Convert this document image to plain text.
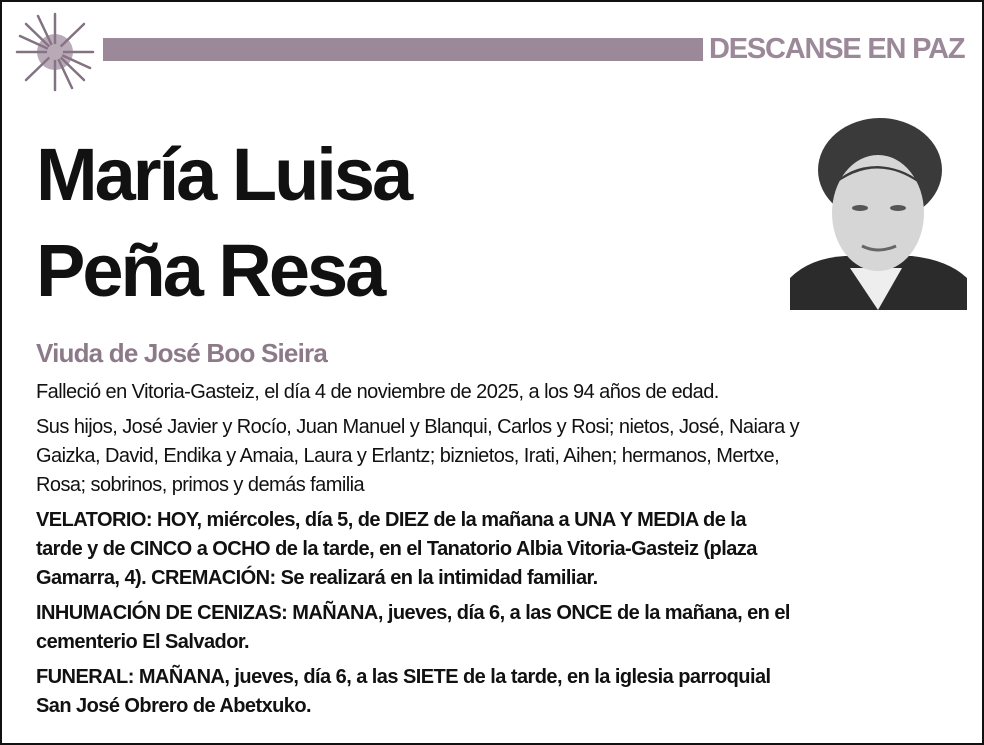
DESCANSE EN PAZ
María Luisa
Peña Resa
Viuda de José Boo Sieira
Falleció en Vitoria-Gasteiz, el día 4 de noviembre de 2025, a los 94 años de edad.
Sus hijos, José Javier y Rocío, Juan Manuel y Blanqui, Carlos y Rosi; nietos, José, Naiara y
Gaizka, David, Endika y Amaia, Laura y Erlantz; biznietos, Irati, Aihen; hermanos, Mertxe,
Rosa; sobrinos, primos y demás familia
VELATORIO: HOY, miércoles, día 5, de DIEZ de la mañana a UNA Y MEDIA de la
tarde y de CINCO a OCHO de la tarde, en el Tanatorio Albia Vitoria-Gasteiz (plaza
Gamarra, 4). CREMACIÓN: Se realizará en la intimidad familiar.
INHUMACIÓN DE CENIZAS: MAÑANA, jueves, día 6, a las ONCE de la mañana, en el
cementerio El Salvador.
FUNERAL: MAÑANA, jueves, día 6, a las SIETE de la tarde, en la iglesia parroquial
San José Obrero de Abetxuko.
